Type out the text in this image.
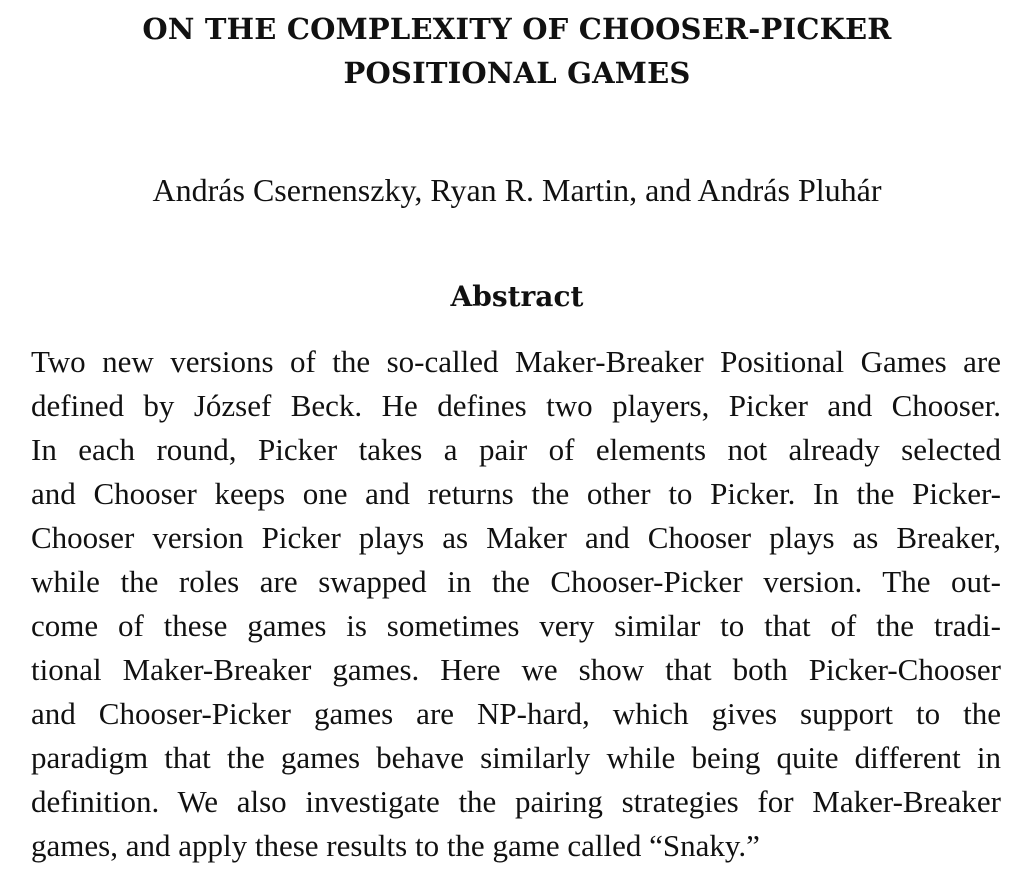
ON THE COMPLEXITY OF CHOOSER-PICKER
POSITIONAL GAMES
András Csernenszky, Ryan R. Martin, and András Pluhár
Abstract
Two new versions of the so-called Maker-Breaker Positional Games are
defined by József Beck. He defines two players, Picker and Chooser.
In each round, Picker takes a pair of elements not already selected
and Chooser keeps one and returns the other to Picker. In the Picker-
Chooser version Picker plays as Maker and Chooser plays as Breaker,
while the roles are swapped in the Chooser-Picker version. The out-
come of these games is sometimes very similar to that of the tradi-
tional Maker-Breaker games. Here we show that both Picker-Chooser
and Chooser-Picker games are NP-hard, which gives support to the
paradigm that the games behave similarly while being quite different in
definition. We also investigate the pairing strategies for Maker-Breaker
games, and apply these results to the game called “Snaky.”
